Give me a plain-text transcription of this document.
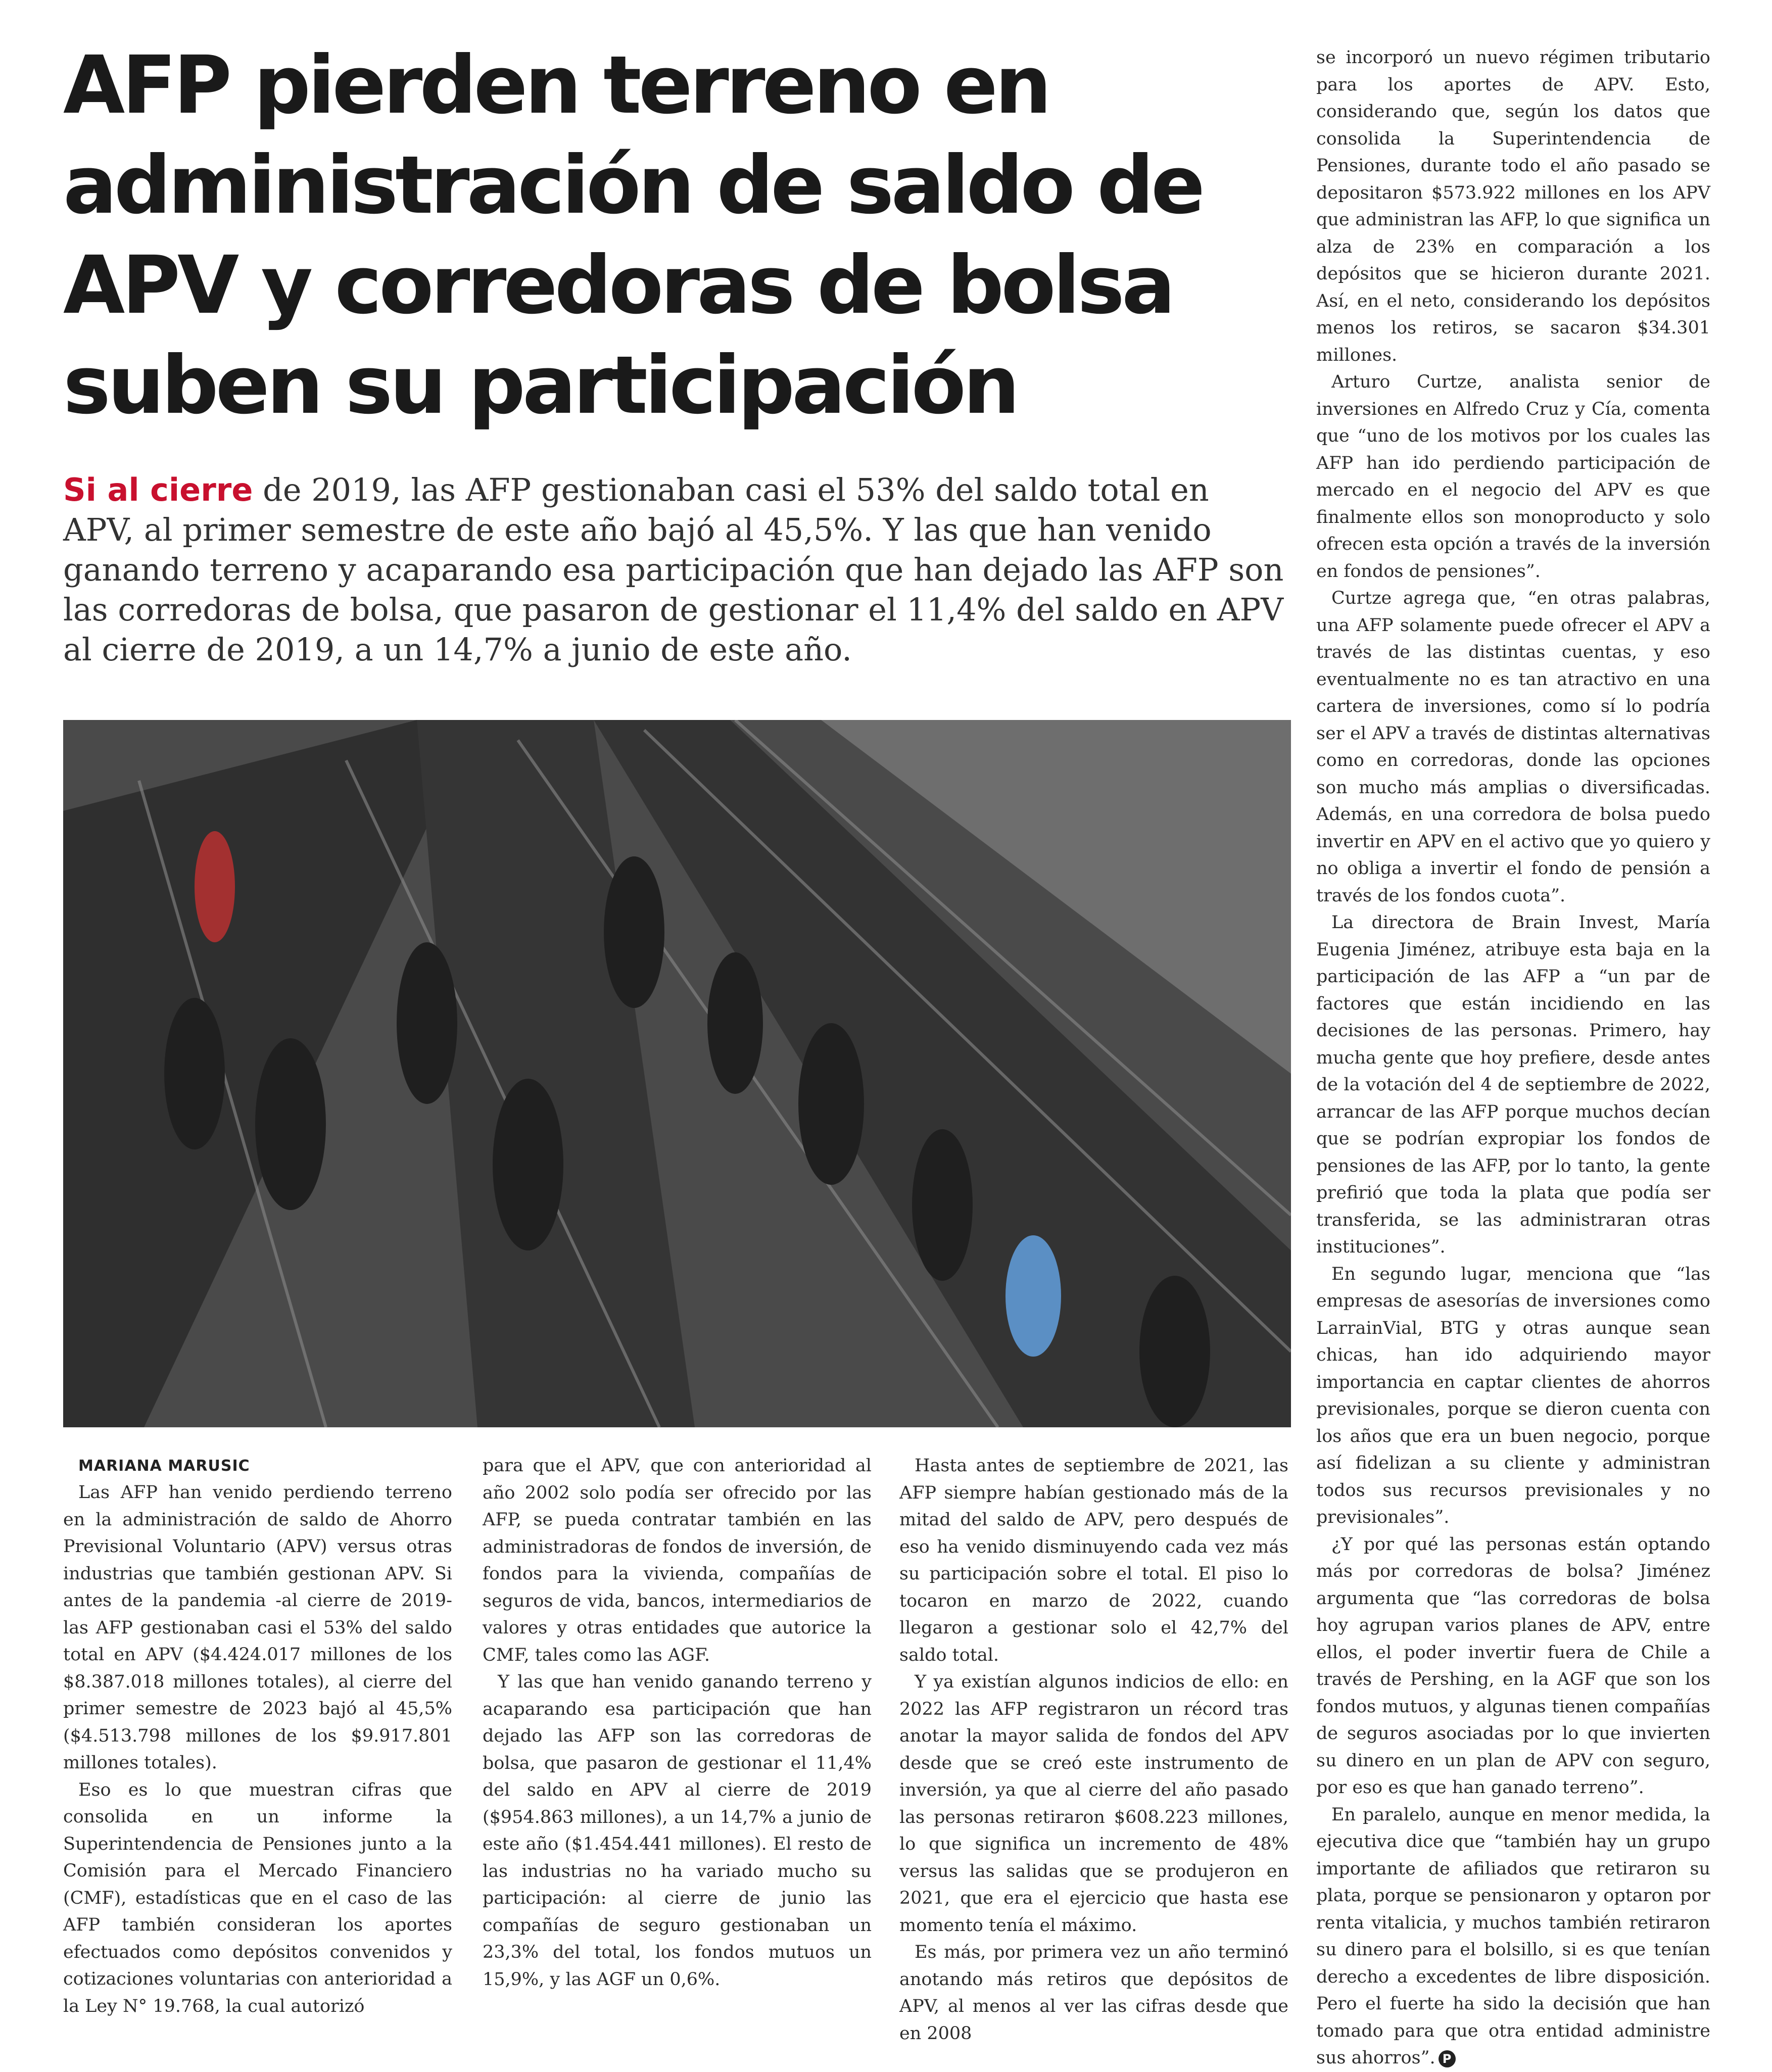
AFP pierden terreno en administración de saldo de APV y corredoras de bolsa suben su participación

Si al cierre de 2019, las AFP gestionaban casi el 53% del saldo total en APV, al primer semestre de este año bajó al 45,5%. Y las que han venido ganando terreno y acaparando esa participación que han dejado las AFP son las corredoras de bolsa, que pasaron de gestionar el 11,4% del saldo en APV al cierre de 2019, a un 14,7% a junio de este año.

MARIANA MARUSIC

Las AFP han venido perdiendo terreno en la administración de saldo de Ahorro Previsional Voluntario (APV) versus otras industrias que también gestionan APV. Si antes de la pandemia -al cierre de 2019- las AFP gestionaban casi el 53% del saldo total en APV ($4.424.017 millones de los $8.387.018 millones totales), al cierre del primer semestre de 2023 bajó al 45,5% ($4.513.798 millones de los $9.917.801 millones totales).

Eso es lo que muestran cifras que consolida en un informe la Superintendencia de Pensiones junto a la Comisión para el Mercado Financiero (CMF), estadísticas que en el caso de las AFP también consideran los aportes efectuados como depósitos convenidos y cotizaciones voluntarias con anterioridad a la Ley N° 19.768, la cual autorizó

para que el APV, que con anterioridad al año 2002 solo podía ser ofrecido por las AFP, se pueda contratar también en las administradoras de fondos de inversión, de fondos para la vivienda, compañías de seguros de vida, bancos, intermediarios de valores y otras entidades que autorice la CMF, tales como las AGF.

Y las que han venido ganando terreno y acaparando esa participación que han dejado las AFP son las corredoras de bolsa, que pasaron de gestionar el 11,4% del saldo en APV al cierre de 2019 ($954.863 millones), a un 14,7% a junio de este año ($1.454.441 millones). El resto de las industrias no ha variado mucho su participación: al cierre de junio las compañías de seguro gestionaban un 23,3% del total, los fondos mutuos un 15,9%, y las AGF un 0,6%.

Hasta antes de septiembre de 2021, las AFP siempre habían gestionado más de la mitad del saldo de APV, pero después de eso ha venido disminuyendo cada vez más su participación sobre el total. El piso lo tocaron en marzo de 2022, cuando llegaron a gestionar solo el 42,7% del saldo total.

Y ya existían algunos indicios de ello: en 2022 las AFP registraron un récord tras anotar la mayor salida de fondos del APV desde que se creó este instrumento de inversión, ya que al cierre del año pasado las personas retiraron $608.223 millones, lo que significa un incremento de 48% versus las salidas que se produjeron en 2021, que era el ejercicio que hasta ese momento tenía el máximo.

Es más, por primera vez un año terminó anotando más retiros que depósitos de APV, al menos al ver las cifras desde que en 2008

se incorporó un nuevo régimen tributario para los aportes de APV. Esto, considerando que, según los datos que consolida la Superintendencia de Pensiones, durante todo el año pasado se depositaron $573.922 millones en los APV que administran las AFP, lo que significa un alza de 23% en comparación a los depósitos que se hicieron durante 2021. Así, en el neto, considerando los depósitos menos los retiros, se sacaron $34.301 millones.

Arturo Curtze, analista senior de inversiones en Alfredo Cruz y Cía, comenta que “uno de los motivos por los cuales las AFP han ido perdiendo participación de mercado en el negocio del APV es que finalmente ellos son monoproducto y solo ofrecen esta opción a través de la inversión en fondos de pensiones”.

Curtze agrega que, “en otras palabras, una AFP solamente puede ofrecer el APV a través de las distintas cuentas, y eso eventualmente no es tan atractivo en una cartera de inversiones, como sí lo podría ser el APV a través de distintas alternativas como en corredoras, donde las opciones son mucho más amplias o diversificadas. Además, en una corredora de bolsa puedo invertir en APV en el activo que yo quiero y no obliga a invertir el fondo de pensión a través de los fondos cuota”.

La directora de Brain Invest, María Eugenia Jiménez, atribuye esta baja en la participación de las AFP a “un par de factores que están incidiendo en las decisiones de las personas. Primero, hay mucha gente que hoy prefiere, desde antes de la votación del 4 de septiembre de 2022, arrancar de las AFP porque muchos decían que se podrían expropiar los fondos de pensiones de las AFP, por lo tanto, la gente prefirió que toda la plata que podía ser transferida, se las administraran otras instituciones”.

En segundo lugar, menciona que “las empresas de asesorías de inversiones como LarrainVial, BTG y otras aunque sean chicas, han ido adquiriendo mayor importancia en captar clientes de ahorros previsionales, porque se dieron cuenta con los años que era un buen negocio, porque así fidelizan a su cliente y administran todos sus recursos previsionales y no previsionales”.

¿Y por qué las personas están optando más por corredoras de bolsa? Jiménez argumenta que “las corredoras de bolsa hoy agrupan varios planes de APV, entre ellos, el poder invertir fuera de Chile a través de Pershing, en la AGF que son los fondos mutuos, y algunas tienen compañías de seguros asociadas por lo que invierten su dinero en un plan de APV con seguro, por eso es que han ganado terreno”.

En paralelo, aunque en menor medida, la ejecutiva dice que “también hay un grupo importante de afiliados que retiraron su plata, porque se pensionaron y optaron por renta vitalicia, y muchos también retiraron su dinero para el bolsillo, si es que tenían derecho a excedentes de libre disposición. Pero el fuerte ha sido la decisión que han tomado para que otra entidad administre sus ahorros”. P
